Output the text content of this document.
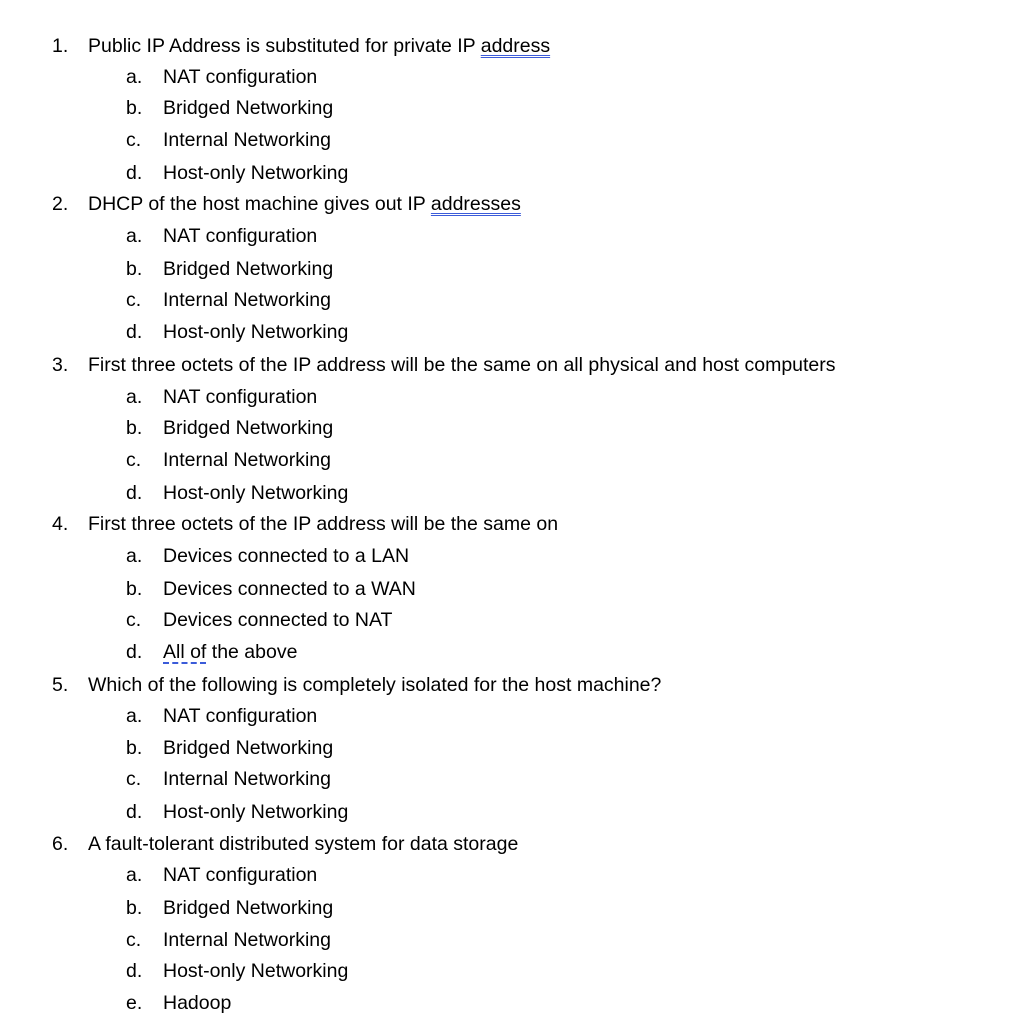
1. Public IP Address is substituted for private IP address
a. NAT configuration
b. Bridged Networking
c. Internal Networking
d. Host-only Networking
2. DHCP of the host machine gives out IP addresses
a. NAT configuration
b. Bridged Networking
c. Internal Networking
d. Host-only Networking
3. First three octets of the IP address will be the same on all physical and host computers
a. NAT configuration
b. Bridged Networking
c. Internal Networking
d. Host-only Networking
4. First three octets of the IP address will be the same on
a. Devices connected to a LAN
b. Devices connected to a WAN
c. Devices connected to NAT
d. All of the above
5. Which of the following is completely isolated for the host machine?
a. NAT configuration
b. Bridged Networking
c. Internal Networking
d. Host-only Networking
6. A fault-tolerant distributed system for data storage
a. NAT configuration
b. Bridged Networking
c. Internal Networking
d. Host-only Networking
e. Hadoop
